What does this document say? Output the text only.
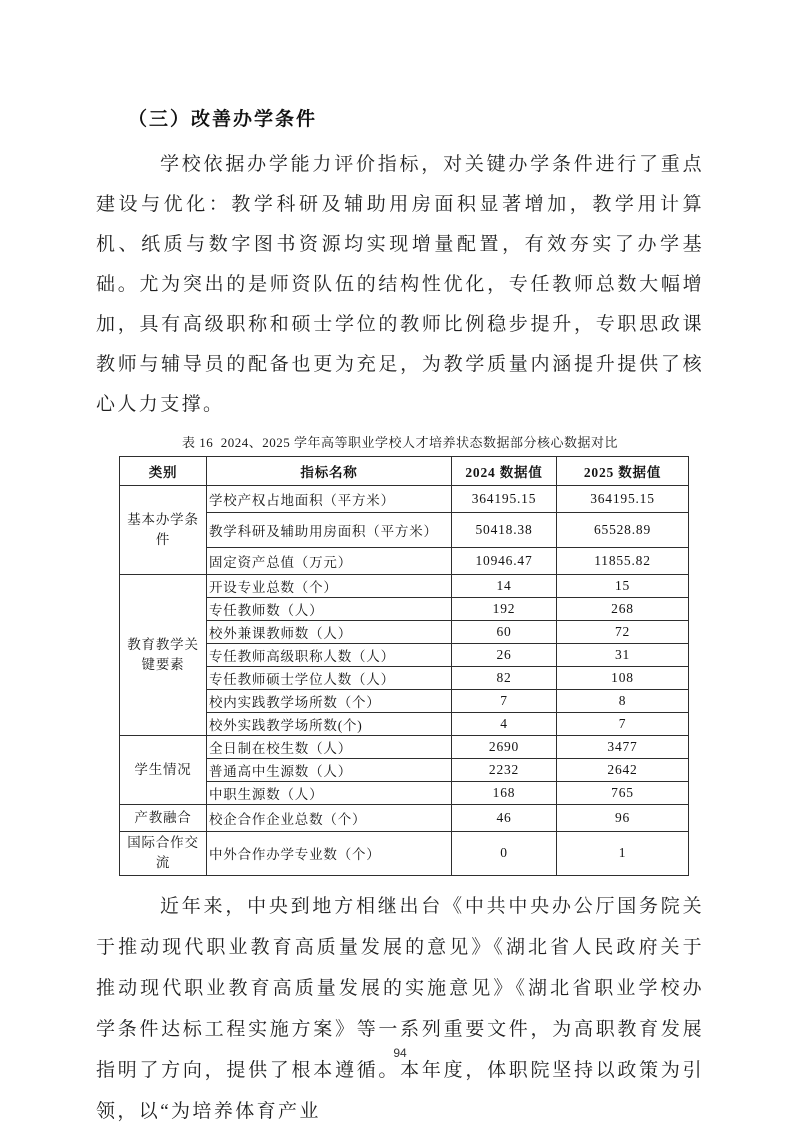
（三）改善办学条件

学校依据办学能力评价指标，对关键办学条件进行了重点建设与优化：教学科研及辅助用房面积显著增加，教学用计算机、纸质与数字图书资源均实现增量配置，有效夯实了办学基础。尤为突出的是师资队伍的结构性优化，专任教师总数大幅增加，具有高级职称和硕士学位的教师比例稳步提升，专职思政课教师与辅导员的配备也更为充足，为教学质量内涵提升提供了核心人力支撑。

表 16  2024、2025 学年高等职业学校人才培养状态数据部分核心数据对比
类别	指标名称	2024 数据值	2025 数据值
基本办学条件	学校产权占地面积（平方米）	364195.15	364195.15
	教学科研及辅助用房面积（平方米）	50418.38	65528.89
	固定资产总值（万元）	10946.47	11855.82
教育教学关键要素	开设专业总数（个）	14	15
	专任教师数（人）	192	268
	校外兼课教师数（人）	60	72
	专任教师高级职称人数（人）	26	31
	专任教师硕士学位人数（人）	82	108
	校内实践教学场所数（个）	7	8
	校外实践教学场所数(个)	4	7
学生情况	全日制在校生数（人）	2690	3477
	普通高中生源数（人）	2232	2642
	中职生源数（人）	168	765
产教融合	校企合作企业总数（个）	46	96
国际合作交流	中外合作办学专业数（个）	0	1

近年来，中央到地方相继出台《中共中央办公厅国务院关于推动现代职业教育高质量发展的意见》《湖北省人民政府关于推动现代职业教育高质量发展的实施意见》《湖北省职业学校办学条件达标工程实施方案》等一系列重要文件，为高职教育发展指明了方向，提供了根本遵循。本年度，体职院坚持以政策为引领，以“为培养体育产业

94
